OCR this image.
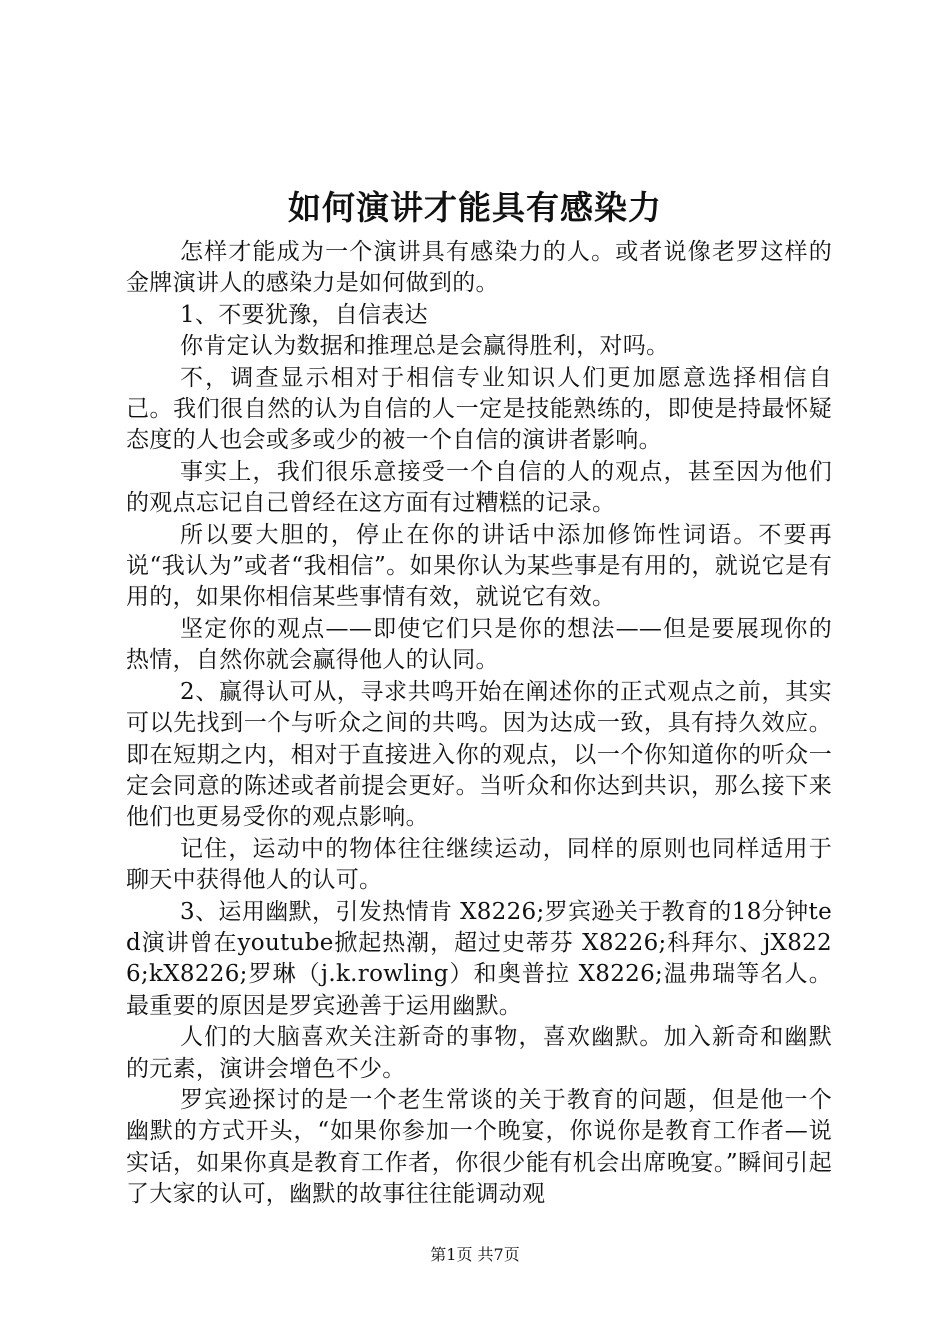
如何演讲才能具有感染力

怎样才能成为一个演讲具有感染力的人。或者说像老罗这样的金牌演讲人的感染力是如何做到的。

1、不要犹豫，自信表达

你肯定认为数据和推理总是会赢得胜利，对吗。

不，调查显示相对于相信专业知识人们更加愿意选择相信自己。我们很自然的认为自信的人一定是技能熟练的，即使是持最怀疑态度的人也会或多或少的被一个自信的演讲者影响。

事实上，我们很乐意接受一个自信的人的观点，甚至因为他们的观点忘记自己曾经在这方面有过糟糕的记录。

所以要大胆的，停止在你的讲话中添加修饰性词语。不要再说“我认为”或者“我相信”。如果你认为某些事是有用的，就说它是有用的，如果你相信某些事情有效，就说它有效。

坚定你的观点——即使它们只是你的想法——但是要展现你的热情，自然你就会赢得他人的认同。

2、赢得认可从，寻求共鸣开始在阐述你的正式观点之前，其实可以先找到一个与听众之间的共鸣。因为达成一致，具有持久效应。即在短期之内，相对于直接进入你的观点，以一个你知道你的听众一定会同意的陈述或者前提会更好。当听众和你达到共识，那么接下来他们也更易受你的观点影响。

记住，运动中的物体往往继续运动，同样的原则也同样适用于聊天中获得他人的认可。

3、运用幽默，引发热情肯 X8226;罗宾逊关于教育的18分钟ted演讲曾在youtube掀起热潮，超过史蒂芬 X8226;科拜尔、jX8226;kX8226;罗琳（j.k.rowling）和奥普拉 X8226;温弗瑞等名人。最重要的原因是罗宾逊善于运用幽默。

人们的大脑喜欢关注新奇的事物，喜欢幽默。加入新奇和幽默的元素，演讲会增色不少。

罗宾逊探讨的是一个老生常谈的关于教育的问题，但是他一个幽默的方式开头，“如果你参加一个晚宴，你说你是教育工作者—说实话，如果你真是教育工作者，你很少能有机会出席晚宴。”瞬间引起了大家的认可，幽默的故事往往能调动观

第1页 共7页
